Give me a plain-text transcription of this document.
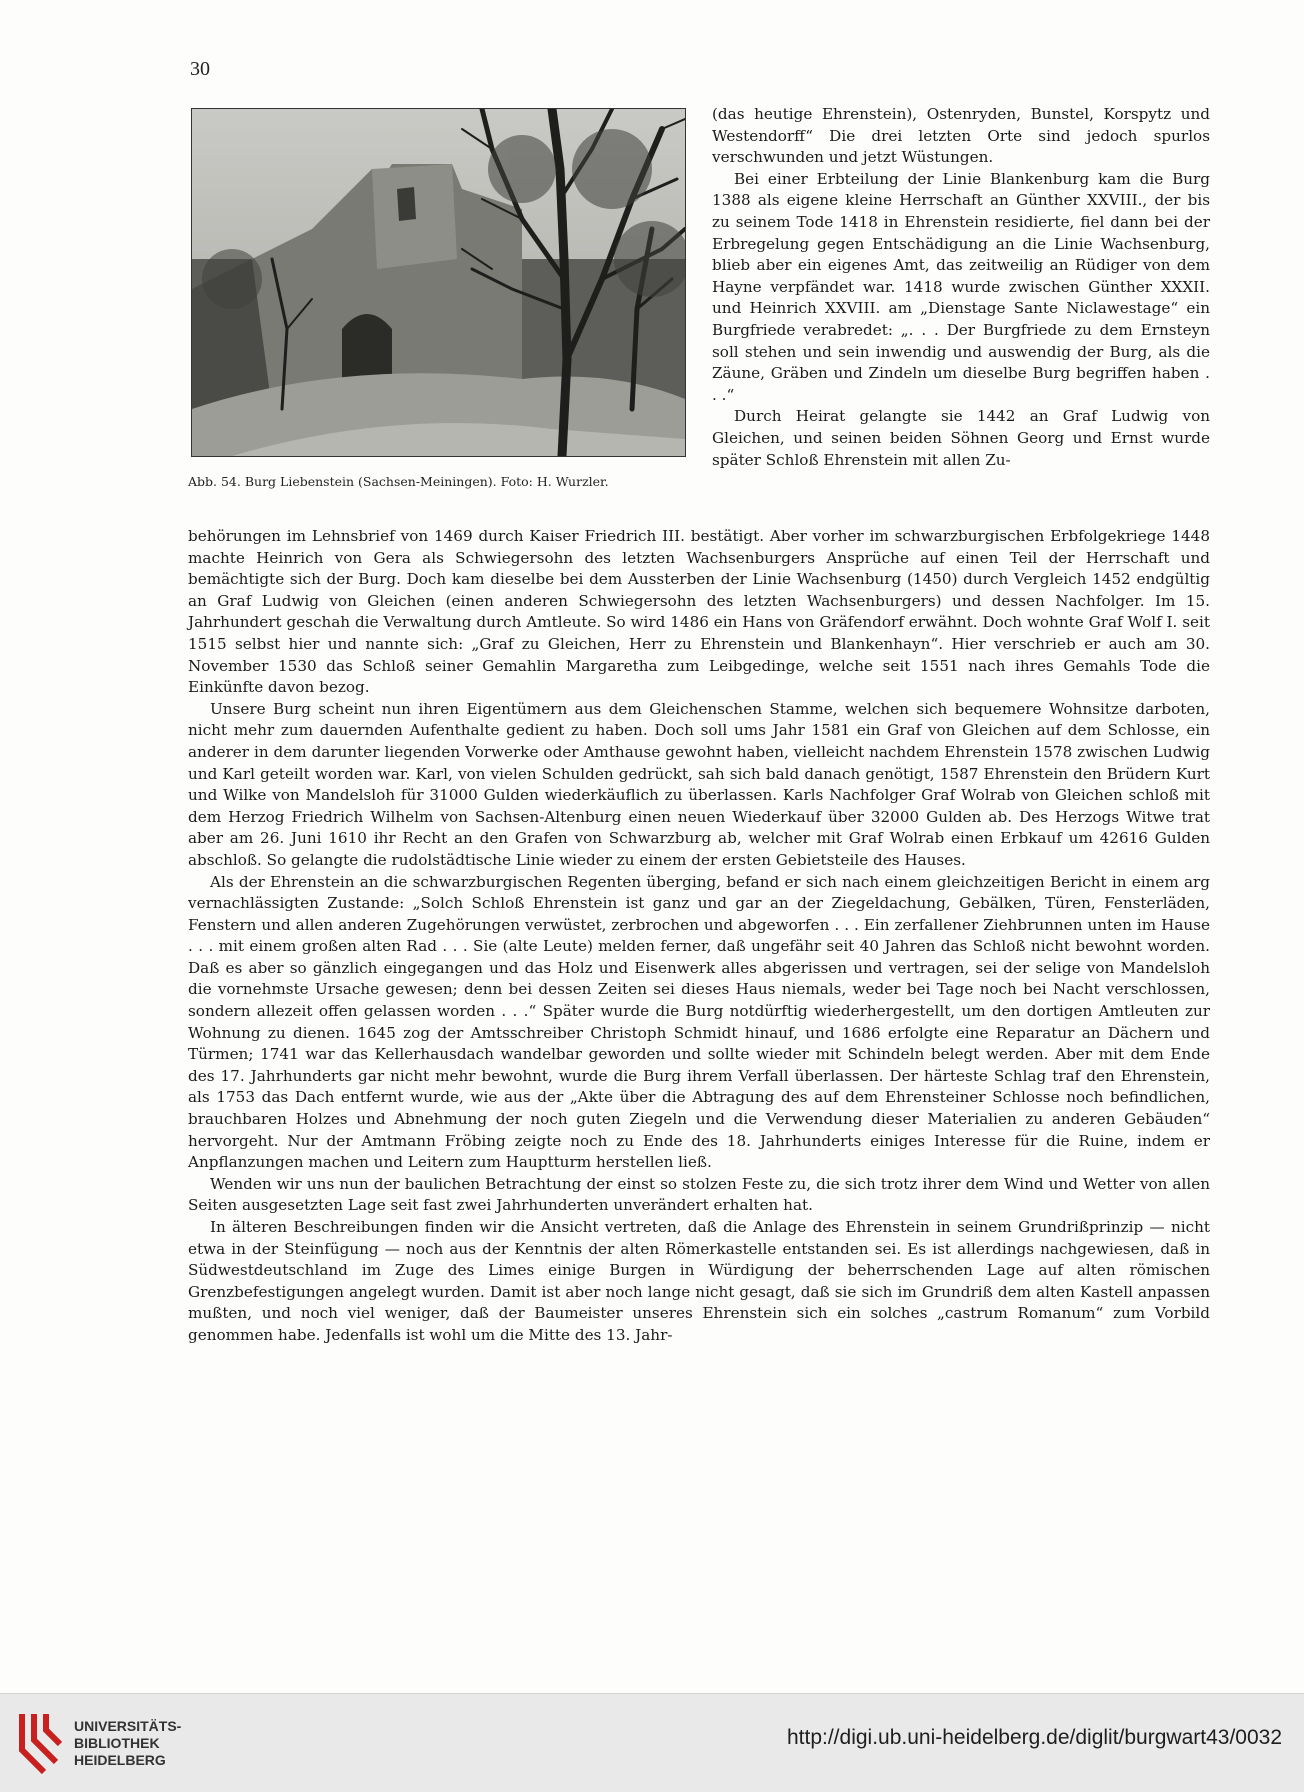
30
Abb. 54. Burg Liebenstein (Sachsen-Meiningen). Foto: H. Wurzler.

(das heutige Ehrenstein), Ostenryden, Bunstel, Korspytz und Westendorff“ Die drei letzten Orte sind jedoch spurlos verschwunden und jetzt Wüstungen.

Bei einer Erbteilung der Linie Blankenburg kam die Burg 1388 als eigene kleine Herrschaft an Günther XXVIII., der bis zu seinem Tode 1418 in Ehrenstein residierte, fiel dann bei der Erbregelung gegen Entschädigung an die Linie Wachsenburg, blieb aber ein eigenes Amt, das zeitweilig an Rüdiger von dem Hayne verpfändet war. 1418 wurde zwischen Günther XXXII. und Heinrich XXVIII. am „Dienstage Sante Niclawestage“ ein Burgfriede verabredet: „. . . Der Burgfriede zu dem Ernsteyn soll stehen und sein inwendig und auswendig der Burg, als die Zäune, Gräben und Zindeln um dieselbe Burg begriffen haben . . .“

Durch Heirat gelangte sie 1442 an Graf Ludwig von Gleichen, und seinen beiden Söhnen Georg und Ernst wurde später Schloß Ehrenstein mit allen Zu-

behörungen im Lehnsbrief von 1469 durch Kaiser Friedrich III. bestätigt. Aber vorher im schwarzburgischen Erbfolgekriege 1448 machte Heinrich von Gera als Schwiegersohn des letzten Wachsenburgers Ansprüche auf einen Teil der Herrschaft und bemächtigte sich der Burg. Doch kam dieselbe bei dem Aussterben der Linie Wachsenburg (1450) durch Vergleich 1452 endgültig an Graf Ludwig von Gleichen (einen anderen Schwiegersohn des letzten Wachsenburgers) und dessen Nachfolger. Im 15. Jahrhundert geschah die Verwaltung durch Amtleute. So wird 1486 ein Hans von Gräfendorf erwähnt. Doch wohnte Graf Wolf I. seit 1515 selbst hier und nannte sich: „Graf zu Gleichen, Herr zu Ehrenstein und Blankenhayn“. Hier verschrieb er auch am 30. November 1530 das Schloß seiner Gemahlin Margaretha zum Leibgedinge, welche seit 1551 nach ihres Gemahls Tode die Einkünfte davon bezog.

Unsere Burg scheint nun ihren Eigentümern aus dem Gleichenschen Stamme, welchen sich bequemere Wohnsitze darboten, nicht mehr zum dauernden Aufenthalte gedient zu haben. Doch soll ums Jahr 1581 ein Graf von Gleichen auf dem Schlosse, ein anderer in dem darunter liegenden Vorwerke oder Amthause gewohnt haben, vielleicht nachdem Ehrenstein 1578 zwischen Ludwig und Karl geteilt worden war. Karl, von vielen Schulden gedrückt, sah sich bald danach genötigt, 1587 Ehrenstein den Brüdern Kurt und Wilke von Mandelsloh für 31000 Gulden wiederkäuflich zu überlassen. Karls Nachfolger Graf Wolrab von Gleichen schloß mit dem Herzog Friedrich Wilhelm von Sachsen-Altenburg einen neuen Wiederkauf über 32000 Gulden ab. Des Herzogs Witwe trat aber am 26. Juni 1610 ihr Recht an den Grafen von Schwarzburg ab, welcher mit Graf Wolrab einen Erbkauf um 42616 Gulden abschloß. So gelangte die rudolstädtische Linie wieder zu einem der ersten Gebietsteile des Hauses.

Als der Ehrenstein an die schwarzburgischen Regenten überging, befand er sich nach einem gleichzeitigen Bericht in einem arg vernachlässigten Zustande: „Solch Schloß Ehrenstein ist ganz und gar an der Ziegeldachung, Gebälken, Türen, Fensterläden, Fenstern und allen anderen Zugehörungen verwüstet, zerbrochen und abgeworfen . . . Ein zerfallener Ziehbrunnen unten im Hause . . . mit einem großen alten Rad . . . Sie (alte Leute) melden ferner, daß ungefähr seit 40 Jahren das Schloß nicht bewohnt worden. Daß es aber so gänzlich eingegangen und das Holz und Eisenwerk alles abgerissen und vertragen, sei der selige von Mandelsloh die vornehmste Ursache gewesen; denn bei dessen Zeiten sei dieses Haus niemals, weder bei Tage noch bei Nacht verschlossen, sondern allezeit offen gelassen worden . . .“ Später wurde die Burg notdürftig wiederhergestellt, um den dortigen Amtleuten zur Wohnung zu dienen. 1645 zog der Amtsschreiber Christoph Schmidt hinauf, und 1686 erfolgte eine Reparatur an Dächern und Türmen; 1741 war das Kellerhausdach wandelbar geworden und sollte wieder mit Schindeln belegt werden. Aber mit dem Ende des 17. Jahrhunderts gar nicht mehr bewohnt, wurde die Burg ihrem Verfall überlassen. Der härteste Schlag traf den Ehrenstein, als 1753 das Dach entfernt wurde, wie aus der „Akte über die Abtragung des auf dem Ehrensteiner Schlosse noch befindlichen, brauchbaren Holzes und Abnehmung der noch guten Ziegeln und die Verwendung dieser Materialien zu anderen Gebäuden“ hervorgeht. Nur der Amtmann Fröbing zeigte noch zu Ende des 18. Jahrhunderts einiges Interesse für die Ruine, indem er Anpflanzungen machen und Leitern zum Hauptturm herstellen ließ.

Wenden wir uns nun der baulichen Betrachtung der einst so stolzen Feste zu, die sich trotz ihrer dem Wind und Wetter von allen Seiten ausgesetzten Lage seit fast zwei Jahrhunderten unverändert erhalten hat.

In älteren Beschreibungen finden wir die Ansicht vertreten, daß die Anlage des Ehrenstein in seinem Grundrißprinzip — nicht etwa in der Steinfügung — noch aus der Kenntnis der alten Römerkastelle entstanden sei. Es ist allerdings nachgewiesen, daß in Südwestdeutschland im Zuge des Limes einige Burgen in Würdigung der beherrschenden Lage auf alten römischen Grenzbefestigungen angelegt wurden. Damit ist aber noch lange nicht gesagt, daß sie sich im Grundriß dem alten Kastell anpassen mußten, und noch viel weniger, daß der Baumeister unseres Ehrenstein sich ein solches „castrum Romanum“ zum Vorbild genommen habe. Jedenfalls ist wohl um die Mitte des 13. Jahr-

UNIVERSITÄTS-
BIBLIOTHEK
HEIDELBERG
http://digi.ub.uni-heidelberg.de/diglit/burgwart43/0032
